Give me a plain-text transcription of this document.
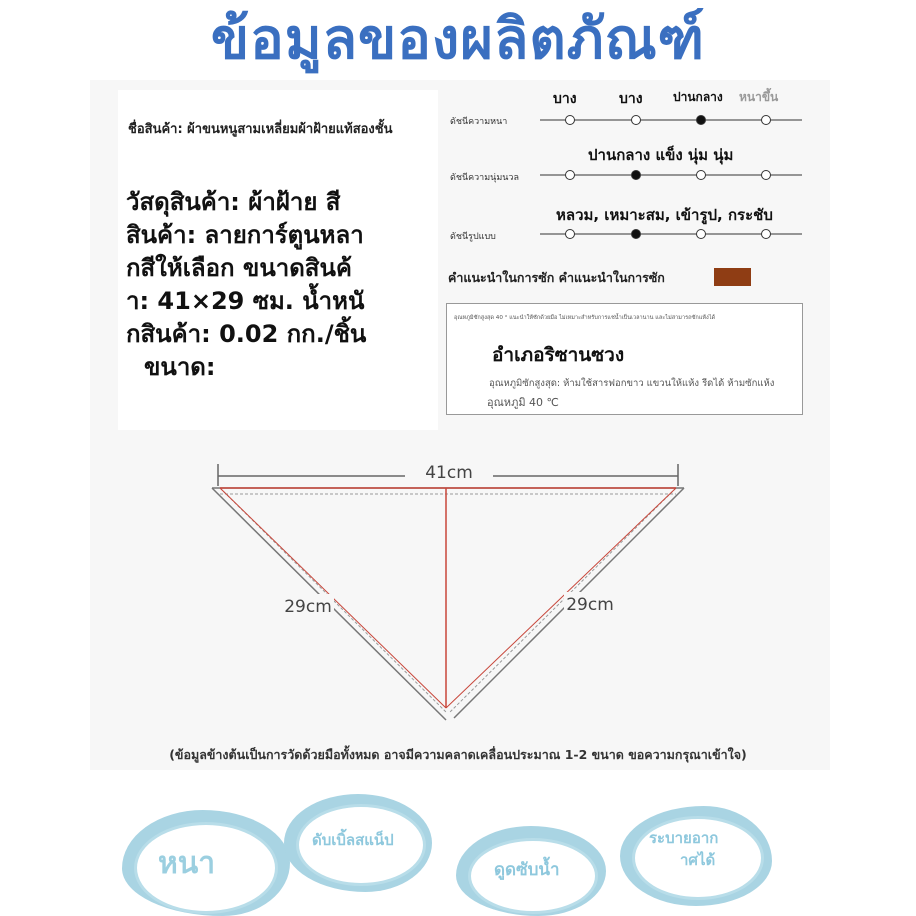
ข้อมูลของผลิตภัณฑ์
ชื่อสินค้า: ผ้าขนหนูสามเหลี่ยมผ้าฝ้ายแท้สองชั้น
วัสดุสินค้า: ผ้าฝ้าย สี
สินค้า: ลายการ์ตูนหลา
กสีให้เลือก ขนาดสินค้
า: 41×29 ซม. น้ำหนั
กสินค้า: 0.02 กก./ชิ้น
ขนาด:
บาง	บาง	ปานกลาง หนาขึ้น
ดัชนีความหนา
ปานกลาง แข็ง นุ่ม นุ่ม
ดัชนีความนุ่มนวล
หลวม, เหมาะสม, เข้ารูป, กระชับ
ดัชนีรูปแบบ
คำแนะนำในการซัก คำแนะนำในการซัก
อุณหภูมิซักสูงสุด 40 ° แนะนำให้ซักด้วยมือ ไม่เหมาะสำหรับการแช่น้ำเป็นเวลานาน และไม่สามารถซักแห้งได้
อำเภอริซานซวง
อุณหภูมิซักสูงสุด: ห้ามใช้สารฟอกขาว แขวนให้แห้ง รีดได้ ห้ามซักแห้ง
อุณหภูมิ 40 ℃
41cm
29cm	29cm
(ข้อมูลข้างต้นเป็นการวัดด้วยมือทั้งหมด อาจมีความคลาดเคลื่อนประมาณ 1-2 ขนาด ขอความกรุณาเข้าใจ)
หนา
ดับเบิ้ลสแน็ป
ดูดซับน้ำ
ระบายอาก
าศได้
